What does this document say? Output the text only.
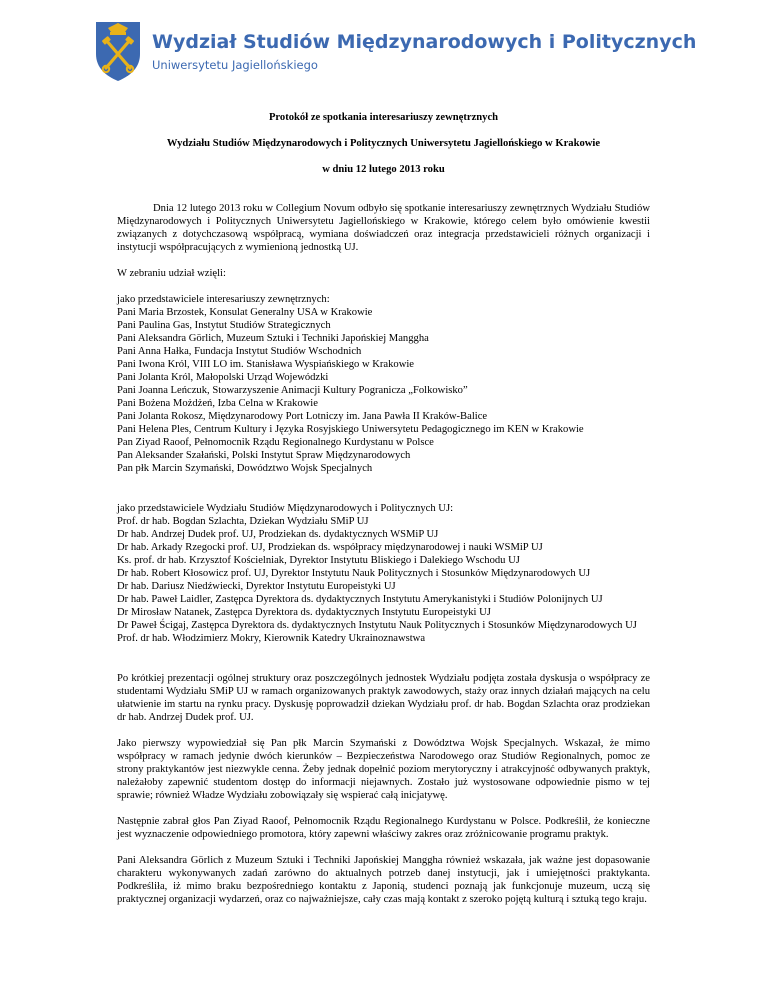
Wydział Studiów Międzynarodowych i Politycznych
Uniwersytetu Jagiellońskiego

Protokół ze spotkania interesariuszy zewnętrznych

Wydziału Studiów Międzynarodowych i Politycznych Uniwersytetu Jagiellońskiego w Krakowie

w dniu 12 lutego 2013 roku

Dnia 12 lutego 2013 roku w Collegium Novum odbyło się spotkanie interesariuszy zewnętrznych Wydziału Studiów Międzynarodowych i Politycznych Uniwersytetu Jagiellońskiego w Krakowie, którego celem było omówienie kwestii związanych z dotychczasową współpracą, wymiana doświadczeń oraz integracja przedstawicieli różnych organizacji i instytucji współpracujących z wymienioną jednostką UJ.

W zebraniu udział wzięli:

jako przedstawiciele interesariuszy zewnętrznych:

Pani Maria Brzostek, Konsulat Generalny USA w Krakowie
Pani Paulina Gas, Instytut Studiów Strategicznych
Pani Aleksandra Görlich, Muzeum Sztuki i Techniki Japońskiej Manggha
Pani Anna Hałka, Fundacja Instytut Studiów Wschodnich
Pani Iwona Król, VIII LO im. Stanisława Wyspiańskiego w Krakowie
Pani Jolanta Król, Małopolski Urząd Wojewódzki
Pani Joanna Leńczuk, Stowarzyszenie Animacji Kultury Pogranicza „Folkowisko”
Pani Bożena Możdżeń, Izba Celna w Krakowie
Pani Jolanta Rokosz, Międzynarodowy Port Lotniczy im. Jana Pawła II Kraków-Balice
Pani Helena Ples, Centrum Kultury i Języka Rosyjskiego Uniwersytetu Pedagogicznego im KEN w Krakowie
Pan Ziyad Raoof, Pełnomocnik Rządu Regionalnego Kurdystanu w Polsce
Pan Aleksander Szałański, Polski Instytut Spraw Międzynarodowych
Pan płk Marcin Szymański, Dowództwo Wojsk Specjalnych

jako przedstawiciele Wydziału Studiów Międzynarodowych i Politycznych UJ:

Prof. dr hab. Bogdan Szlachta, Dziekan Wydziału SMiP UJ
Dr hab. Andrzej Dudek prof. UJ, Prodziekan ds. dydaktycznych WSMiP UJ
Dr hab. Arkady Rzegocki prof. UJ, Prodziekan ds. współpracy międzynarodowej i nauki WSMiP UJ
Ks. prof. dr hab. Krzysztof Kościelniak, Dyrektor Instytutu Bliskiego i Dalekiego Wschodu UJ
Dr hab. Robert Kłosowicz prof. UJ, Dyrektor Instytutu Nauk Politycznych i Stosunków Międzynarodowych UJ
Dr hab. Dariusz Niedźwiecki, Dyrektor Instytutu Europeistyki UJ
Dr hab. Paweł Laidler, Zastępca Dyrektora ds. dydaktycznych Instytutu Amerykanistyki i Studiów Polonijnych UJ
Dr Mirosław Natanek, Zastępca Dyrektora ds. dydaktycznych Instytutu Europeistyki UJ
Dr Paweł Ścigaj, Zastępca Dyrektora ds. dydaktycznych Instytutu Nauk Politycznych i Stosunków Międzynarodowych UJ
Prof. dr hab. Włodzimierz Mokry, Kierownik Katedry Ukrainoznawstwa

Po krótkiej prezentacji ogólnej struktury oraz poszczególnych jednostek Wydziału podjęta została dyskusja o współpracy ze studentami Wydziału SMiP UJ w ramach organizowanych praktyk zawodowych, staży oraz innych działań mających na celu ułatwienie im startu na rynku pracy. Dyskusję poprowadził dziekan Wydziału prof. dr hab. Bogdan Szlachta oraz prodziekan dr hab. Andrzej Dudek prof. UJ.

Jako pierwszy wypowiedział się Pan płk Marcin Szymański z Dowództwa Wojsk Specjalnych. Wskazał, że mimo współpracy w ramach jedynie dwóch kierunków – Bezpieczeństwa Narodowego oraz Studiów Regionalnych, pomoc ze strony praktykantów jest niezwykle cenna. Żeby jednak dopełnić poziom merytoryczny i atrakcyjność odbywanych praktyk, należałoby zapewnić studentom dostęp do informacji niejawnych. Zostało już wystosowane odpowiednie pismo w tej sprawie; również Władze Wydziału zobowiązały się wspierać całą inicjatywę.

Następnie zabrał głos Pan Ziyad Raoof, Pełnomocnik Rządu Regionalnego Kurdystanu w Polsce. Podkreślił, że konieczne jest wyznaczenie odpowiedniego promotora, który zapewni właściwy zakres oraz zróżnicowanie programu praktyk.

Pani Aleksandra Görlich z Muzeum Sztuki i Techniki Japońskiej Manggha również wskazała, jak ważne jest dopasowanie charakteru wykonywanych zadań zarówno do aktualnych potrzeb danej instytucji, jak i umiejętności praktykanta. Podkreśliła, iż mimo braku bezpośredniego kontaktu z Japonią, studenci poznają jak funkcjonuje muzeum, uczą się praktycznej organizacji wydarzeń, oraz co najważniejsze, cały czas mają kontakt z szeroko pojętą kulturą i sztuką tego kraju.
